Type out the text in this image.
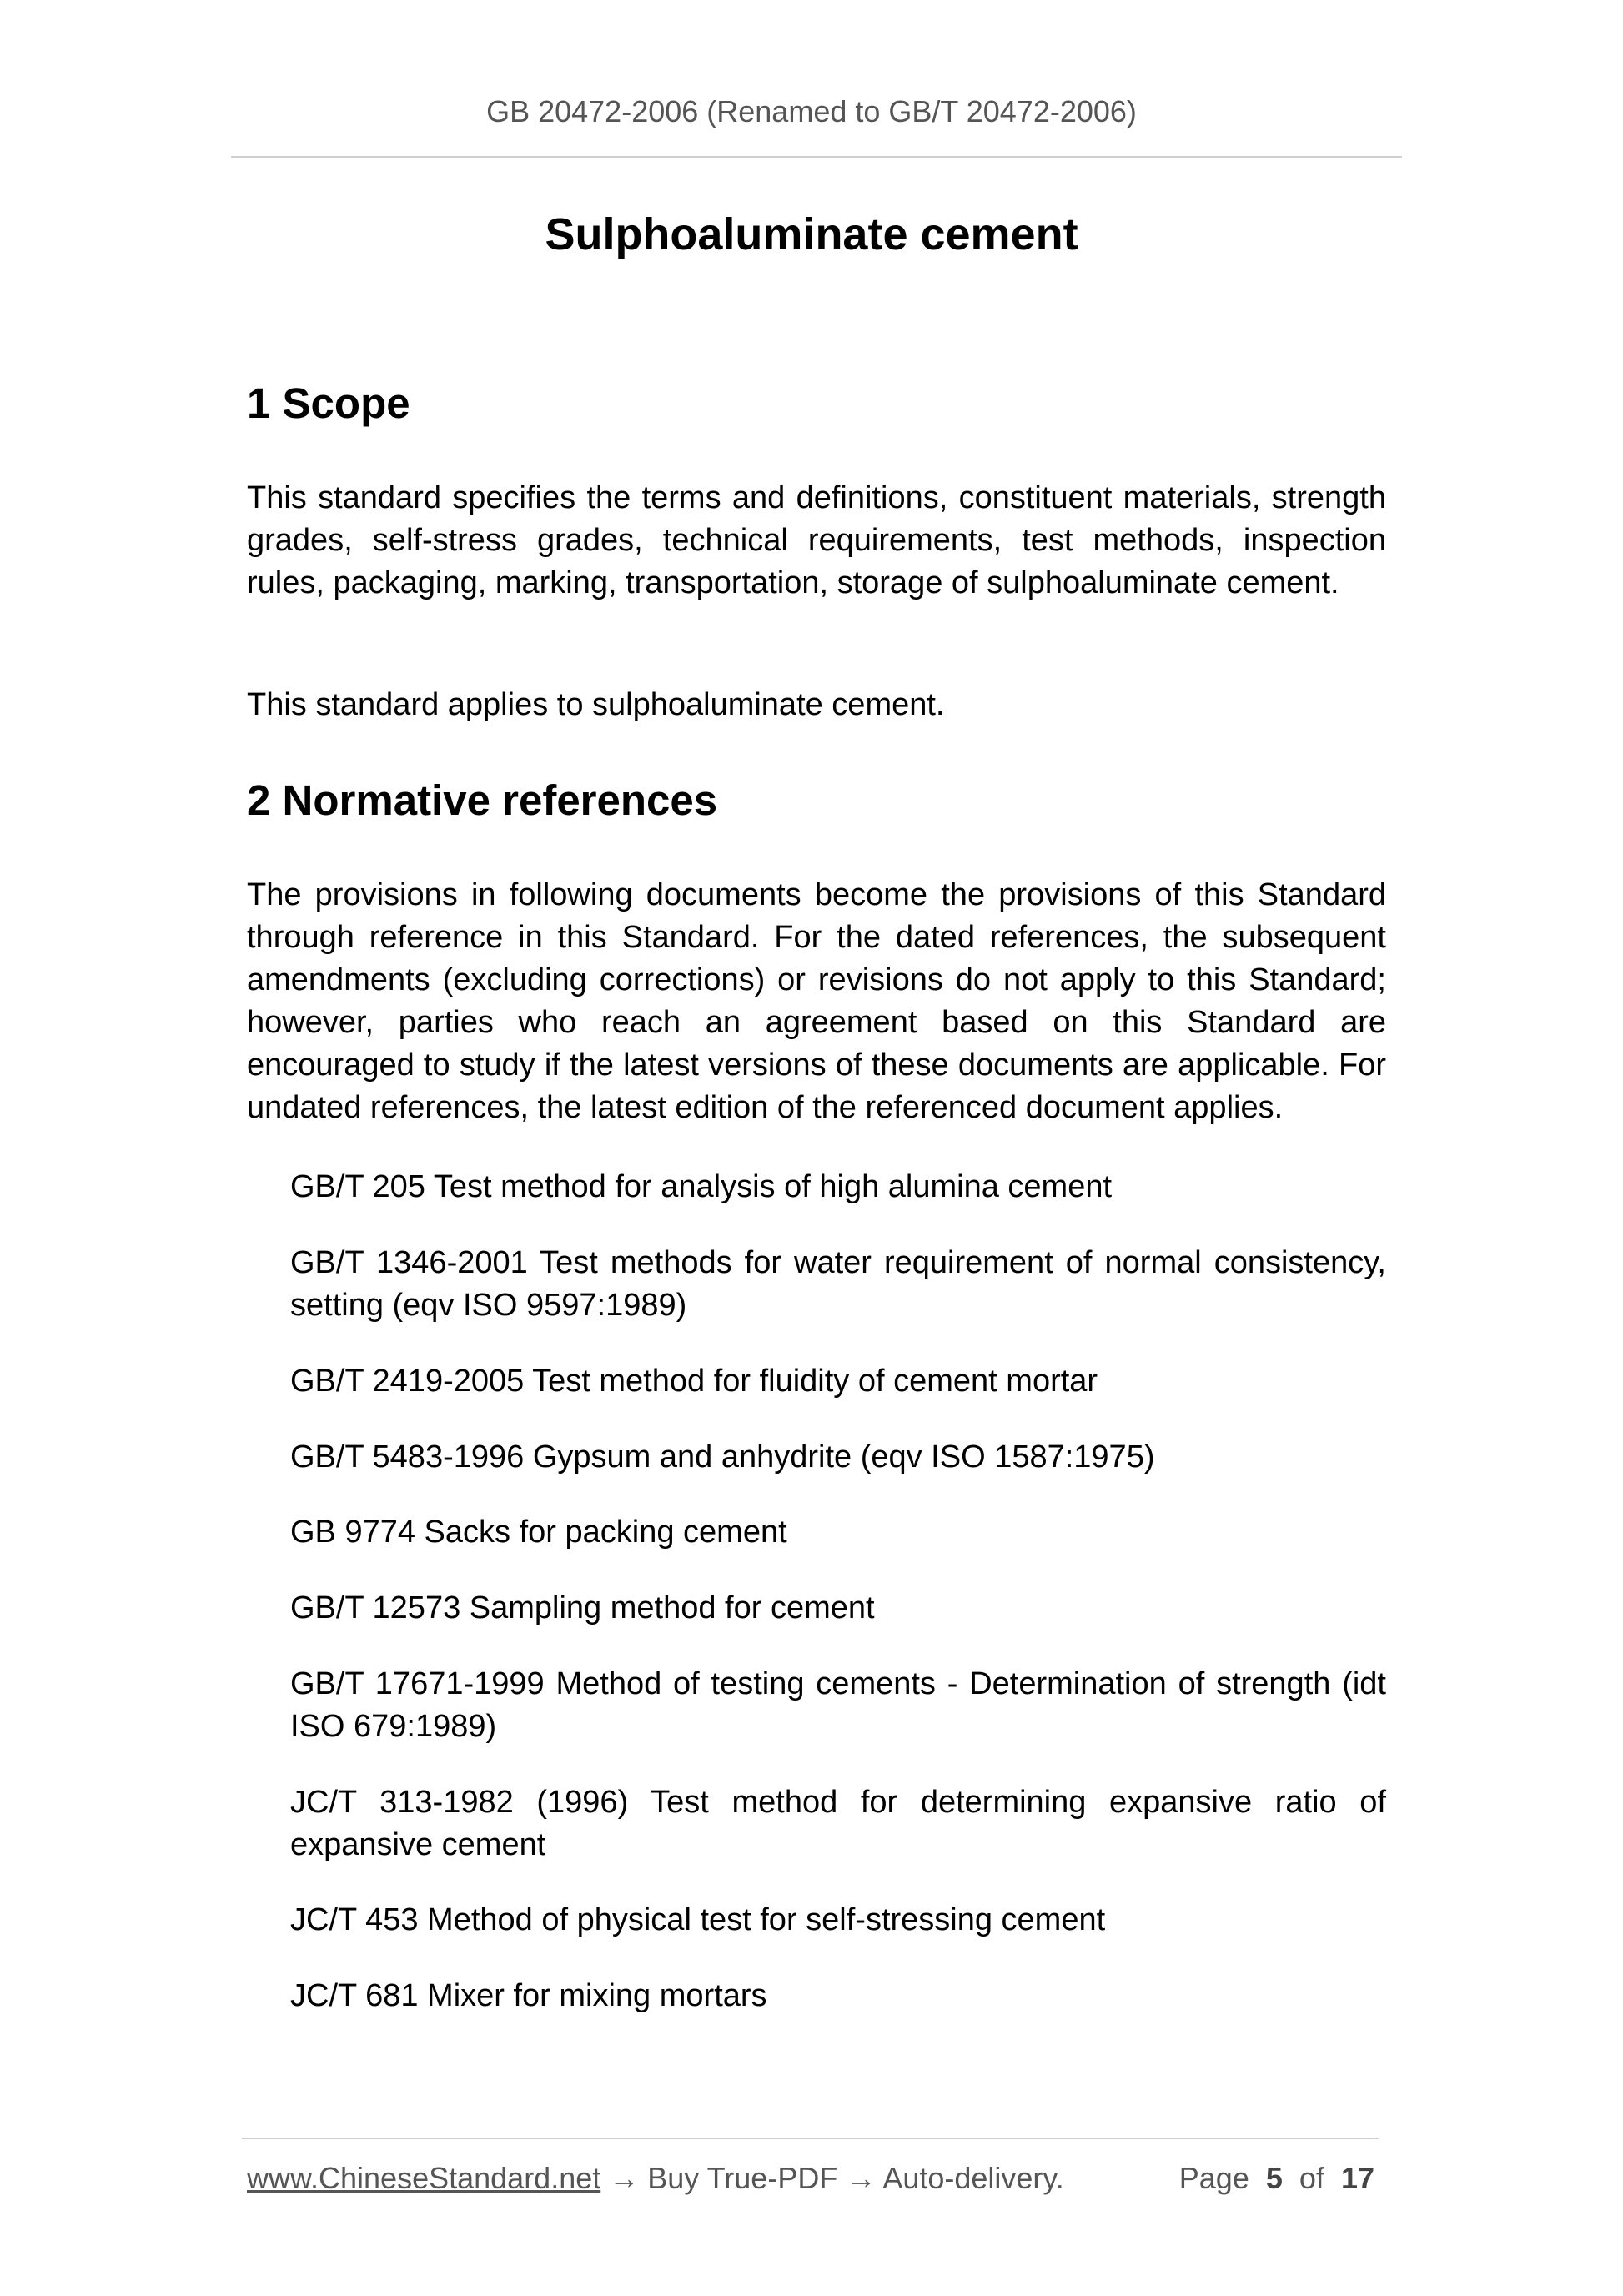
GB 20472-2006 (Renamed to GB/T 20472-2006)
Sulphoaluminate cement
1 Scope

This standard specifies the terms and definitions, constituent materials, strength grades, self-stress grades, technical requirements, test methods, inspection rules, packaging, marking, transportation, storage of sulphoaluminate cement.

This standard applies to sulphoaluminate cement.

2 Normative references

The provisions in following documents become the provisions of this Standard through reference in this Standard. For the dated references, the subsequent amendments (excluding corrections) or revisions do not apply to this Standard; however, parties who reach an agreement based on this Standard are encouraged to study if the latest versions of these documents are applicable. For undated references, the latest edition of the referenced document applies.

GB/T 205 Test method for analysis of high alumina cement

GB/T 1346-2001 Test methods for water requirement of normal consistency, setting (eqv ISO 9597:1989)

GB/T 2419-2005 Test method for fluidity of cement mortar

GB/T 5483-1996 Gypsum and anhydrite (eqv ISO 1587:1975)

GB 9774 Sacks for packing cement

GB/T 12573 Sampling method for cement

GB/T 17671-1999 Method of testing cements - Determination of strength (idt ISO 679:1989)

JC/T 313-1982 (1996) Test method for determining expansive ratio of expansive cement

JC/T 453 Method of physical test for self-stressing cement

JC/T 681 Mixer for mixing mortars

www.ChineseStandard.net → Buy True-PDF → Auto-delivery.	Page 5 of 17
